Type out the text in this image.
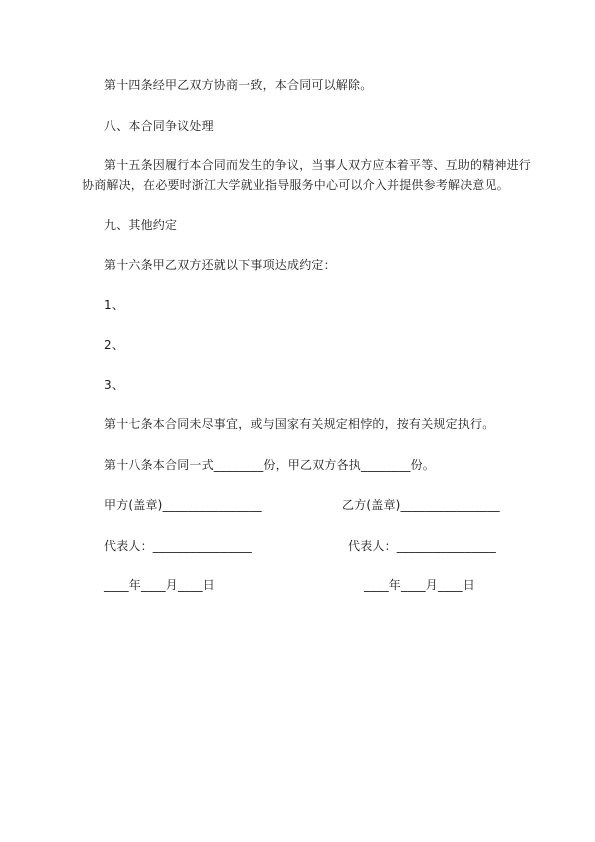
第十四条经甲乙双方协商一致，本合同可以解除。
八、本合同争议处理
第十五条因履行本合同而发生的争议，当事人双方应本着平等、互助的精神进行
协商解决，在必要时浙江大学就业指导服务中心可以介入并提供参考解决意见。
九、其他约定
第十六条甲乙双方还就以下事项达成约定：
1、
2、
3、
第十七条本合同未尽事宜，或与国家有关规定相悖的，按有关规定执行。
第十八条本合同一式________份，甲乙双方各执________份。
甲方(盖章)________________	乙方(盖章)________________
代表人：________________	代表人：________________
____年____月____日	____年____月____日
